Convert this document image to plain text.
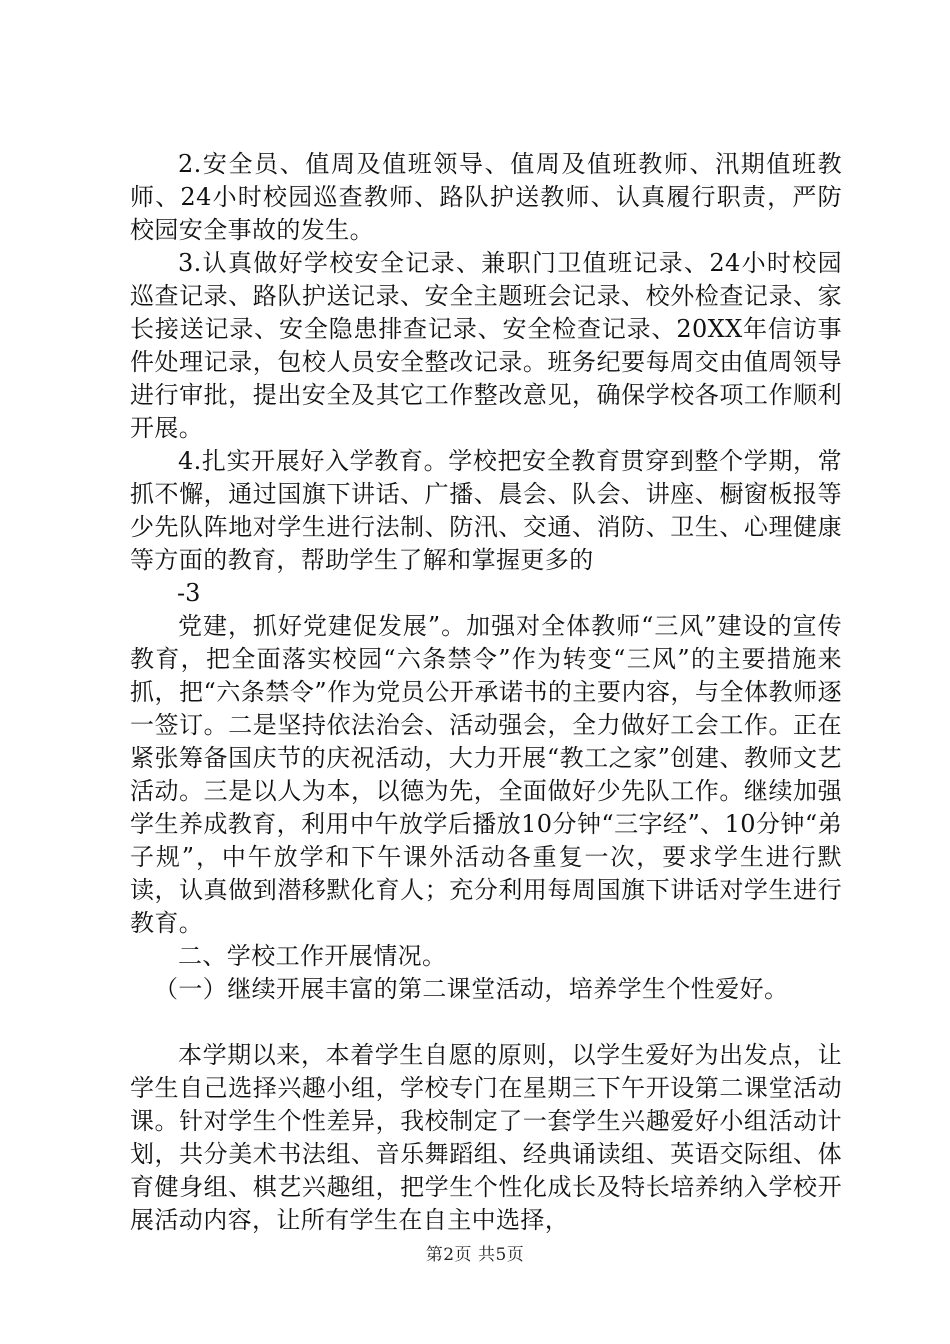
2.安全员、值周及值班领导、值周及值班教师、汛期值班教师、24小时校园巡查教师、路队护送教师、认真履行职责，严防校园安全事故的发生。

3.认真做好学校安全记录、兼职门卫值班记录、24小时校园巡查记录、路队护送记录、安全主题班会记录、校外检查记录、家长接送记录、安全隐患排查记录、安全检查记录、20XX年信访事件处理记录，包校人员安全整改记录。班务纪要每周交由值周领导进行审批，提出安全及其它工作整改意见，确保学校各项工作顺利开展。

4.扎实开展好入学教育。学校把安全教育贯穿到整个学期，常抓不懈，通过国旗下讲话、广播、晨会、队会、讲座、橱窗板报等少先队阵地对学生进行法制、防汛、交通、消防、卫生、心理健康等方面的教育，帮助学生了解和掌握更多的

-3

党建，抓好党建促发展”。加强对全体教师“三风”建设的宣传教育，把全面落实校园“六条禁令”作为转变“三风”的主要措施来抓，把“六条禁令”作为党员公开承诺书的主要内容，与全体教师逐一签订。二是坚持依法治会、活动强会，全力做好工会工作。正在紧张筹备国庆节的庆祝活动，大力开展“教工之家”创建、教师文艺活动。三是以人为本，以德为先，全面做好少先队工作。继续加强学生养成教育，利用中午放学后播放10分钟“三字经”、10分钟“弟子规”，中午放学和下午课外活动各重复一次，要求学生进行默读，认真做到潜移默化育人；充分利用每周国旗下讲话对学生进行教育。

二、学校工作开展情况。

（一）继续开展丰富的第二课堂活动，培养学生个性爱好。

本学期以来，本着学生自愿的原则，以学生爱好为出发点，让学生自己选择兴趣小组，学校专门在星期三下午开设第二课堂活动课。针对学生个性差异，我校制定了一套学生兴趣爱好小组活动计划，共分美术书法组、音乐舞蹈组、经典诵读组、英语交际组、体育健身组、棋艺兴趣组，把学生个性化成长及特长培养纳入学校开展活动内容，让所有学生在自主中选择，

第2页 共5页
